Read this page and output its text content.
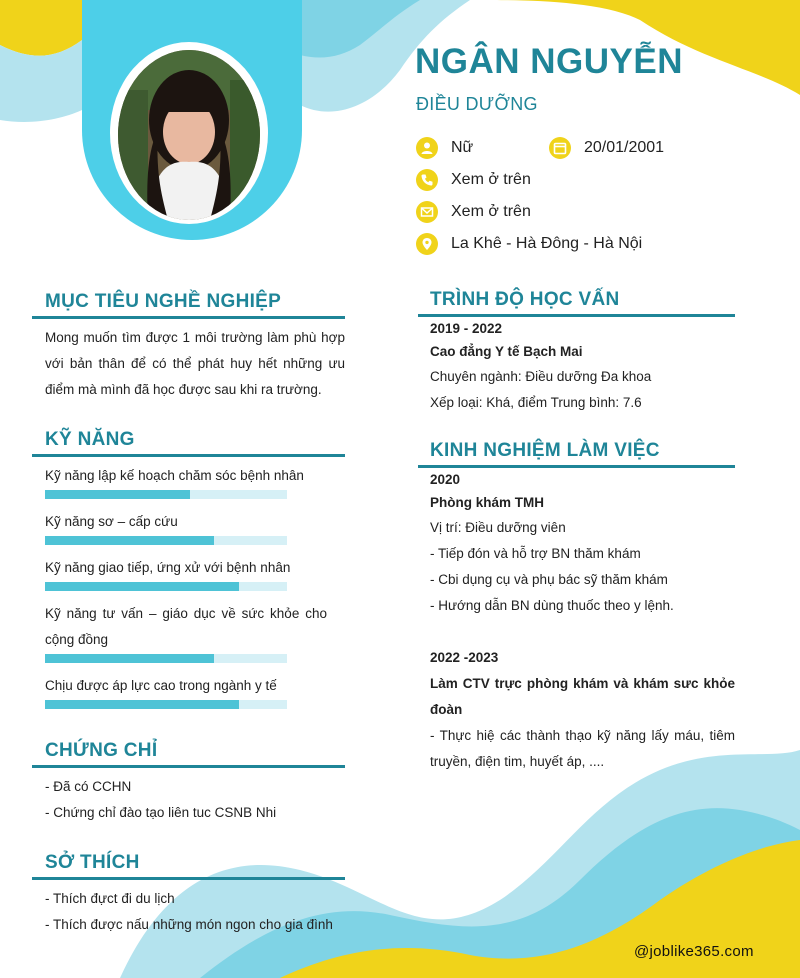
NGÂN NGUYỄN
ĐIỀU DƯỠNG
Nữ	20/01/2001
Xem ở trên
Xem ở trên
La Khê - Hà Đông - Hà Nội
MỤC TIÊU NGHỀ NGHIỆP
Mong muốn tìm được 1 môi trường làm phù hợp với bản thân để có thể phát huy hết những ưu điểm mà mình đã học được sau khi ra trường.
KỸ NĂNG
Kỹ năng lập kế hoạch chăm sóc bệnh nhân
Kỹ năng sơ – cấp cứu
Kỹ năng giao tiếp, ứng xử với bệnh nhân
Kỹ năng tư vấn – giáo dục về sức khỏe cho cộng đồng
Chịu được áp lực cao trong ngành y tế
CHỨNG CHỈ
- Đã có CCHN
- Chứng chỉ đào tạo liên tuc CSNB Nhi
SỞ THÍCH
- Thích đựct đi du lịch
- Thích được nấu những món ngon cho gia đình
TRÌNH ĐỘ HỌC VẤN
2019 - 2022
Cao đẳng Y tế Bạch Mai
Chuyên ngành: Điều dưỡng Đa khoa
Xếp loại: Khá, điểm Trung bình: 7.6
KINH NGHIỆM LÀM VIỆC
2020
Phòng khám TMH
Vị trí: Điều dưỡng viên
- Tiếp đón và hỗ trợ BN thăm khám
- Cbi dụng cụ và phụ bác sỹ thăm khám
- Hướng dẫn BN dùng thuốc theo y lệnh.
2022 -2023
Làm CTV trực phòng khám và khám sưc khỏe đoàn
- Thực hiệ các thành thạo kỹ năng lấy máu, tiêm truyền, điện tim, huyết áp, ....
@joblike365.com
